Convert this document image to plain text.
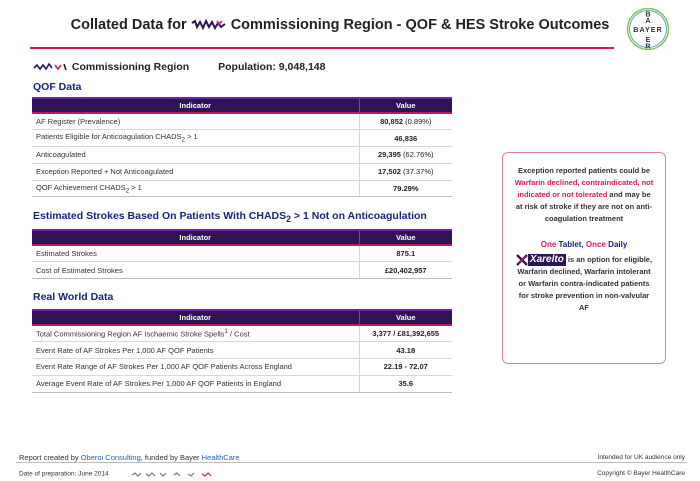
Collated Data for	Commissioning Region - QOF & HES Stroke Outcomes	BAYER
B
A
E
R
Commissioning Region	Population: 9,048,148
QOF Data
Indicator	Value
AF Register (Prevalence)	80,852 (0.89%)
Patients Eligible for Anticoagulation $CHADS_2 > 1$	46,836
Anticoagulated	29,395 (62.76%)
Exception Reported + Not Anticoagulated	17,502 (37.37%)
QOF Achievement $CHADS_2 > 1$	79.29%
Estimated Strokes Based On Patients With $CHADS_2 > 1$ Not on Anticoagulation
Indicator	Value
Estimated Strokes	875.1
Cost of Estimated Strokes	£20,402,957
Real World Data
Indicator	Value
Total Commissioning Region AF Ischaemic Stroke Spells$^1$ / Cost	3,377 / £81,392,655
Event Rate of AF Strokes Per 1,000 AF QOF Patients	43.18
Event Rate Range of AF Strokes Per 1,000 AF QOF Patients Across England	22.19 - 72.07
Average Event Rate of AF Strokes Per 1,000 AF QOF Patients in England	35.6
Exception reported patients could be Warfarin declined, contraindicated, not indicated or not tolerated and may be at risk of stroke if they are not on anti-coagulation treatment
One Tablet, Once Daily
Xarelto is an option for eligible, Warfarin declined, Warfarin intolerant or Warfarin contra-indicated patients for stroke prevention in non-valvular AF
Report created by Oberoi Consulting, funded by Bayer HealthCare
Date of preparation: June 2014
Intended for UK audience only
Copyright © Bayer HealthCare
